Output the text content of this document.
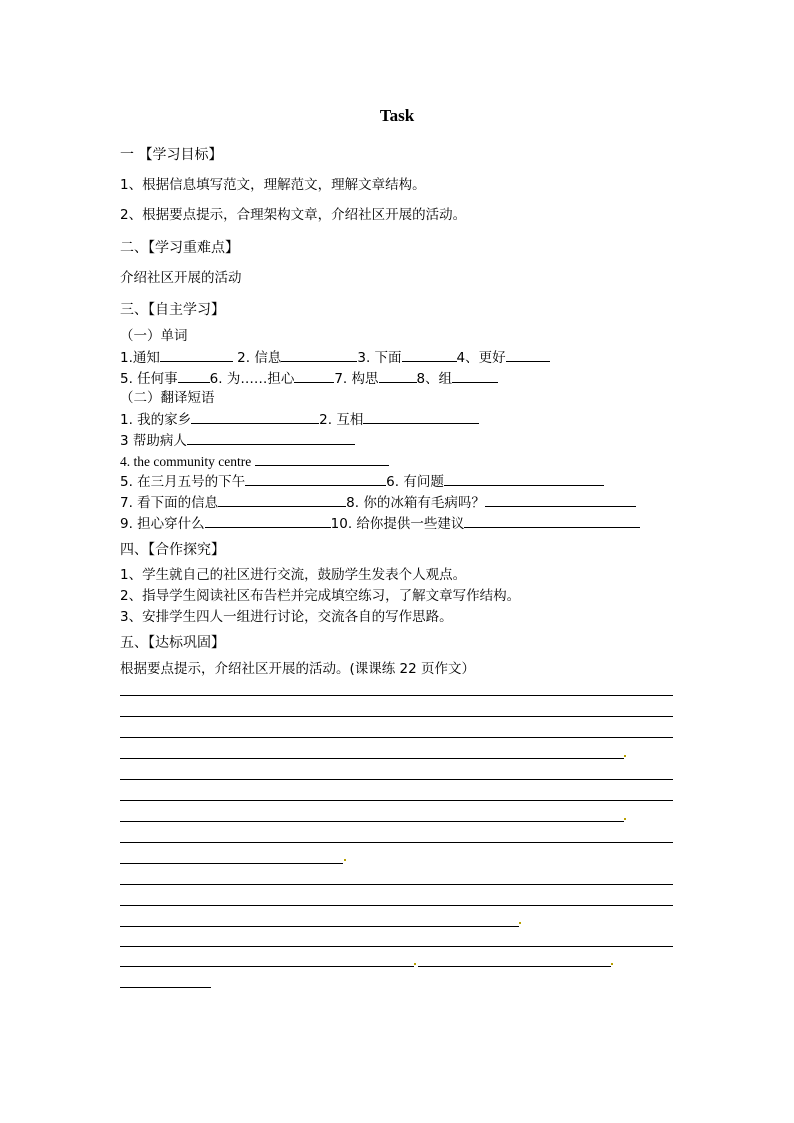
Task
一 【学习目标】
1、根据信息填写范文，理解范文，理解文章结构。
2、根据要点提示，合理架构文章，介绍社区开展的活动。
二、【学习重难点】
介绍社区开展的活动
三、【自主学习】
（一）单词
1.通知	2. 信息	3. 下面	4、更好
5. 任何事 6. 为……担心	7. 构思	8、组
（二）翻译短语
1. 我的家乡	2. 互相
3 帮助病人
4. the community centre
5. 在三月五号的下午	6. 有问题
7. 看下面的信息	8. 你的冰箱有毛病吗？
9. 担心穿什么	10. 给你提供一些建议
四、【合作探究】
1、学生就自己的社区进行交流，鼓励学生发表个人观点。
2、指导学生阅读社区布告栏并完成填空练习，了解文章写作结构。
3、安排学生四人一组进行讨论，交流各自的写作思路。
五、【达标巩固】
根据要点提示，介绍社区开展的活动。(课课练 22 页作文）
